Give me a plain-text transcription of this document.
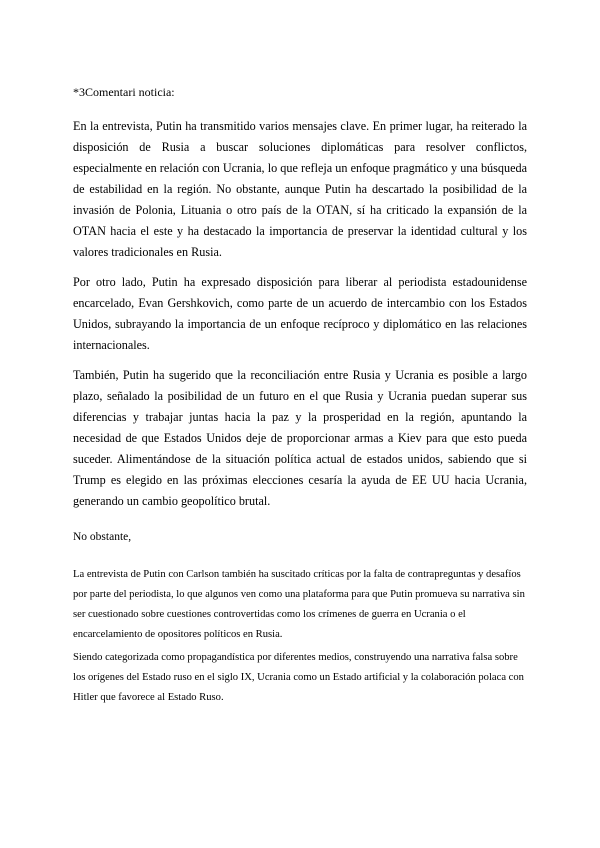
*3Comentari noticia:

En la entrevista, Putin ha transmitido varios mensajes clave. En primer lugar, ha reiterado la disposición de Rusia a buscar soluciones diplomáticas para resolver conflictos, especialmente en relación con Ucrania, lo que refleja un enfoque pragmático y una búsqueda de estabilidad en la región. No obstante, aunque Putin ha descartado la posibilidad de la invasión de Polonia, Lituania o otro país de la OTAN, sí ha criticado la expansión de la OTAN hacia el este y ha destacado la importancia de preservar la identidad cultural y los valores tradicionales en Rusia.

Por otro lado, Putin ha expresado disposición para liberar al periodista estadounidense encarcelado, Evan Gershkovich, como parte de un acuerdo de intercambio con los Estados Unidos, subrayando la importancia de un enfoque recíproco y diplomático en las relaciones internacionales.

También, Putin ha sugerido que la reconciliación entre Rusia y Ucrania es posible a largo plazo, señalado la posibilidad de un futuro en el que Rusia y Ucrania puedan superar sus diferencias y trabajar juntas hacia la paz y la prosperidad en la región, apuntando la necesidad de que Estados Unidos deje de proporcionar armas a Kiev para que esto pueda suceder. Alimentándose de la situación política actual de estados unidos, sabiendo que si Trump es elegido en las próximas elecciones cesaría la ayuda de EE UU hacia Ucrania, generando un cambio geopolítico brutal.

No obstante,

La entrevista de Putin con Carlson también ha suscitado críticas por la falta de contrapreguntas y desafíos por parte del periodista, lo que algunos ven como una plataforma para que Putin promueva su narrativa sin ser cuestionado sobre cuestiones controvertidas como los crímenes de guerra en Ucrania o el encarcelamiento de opositores políticos en Rusia.

Siendo categorizada como propagandística por diferentes medios, construyendo una narrativa falsa sobre los orígenes del Estado ruso en el siglo IX, Ucrania como un Estado artificial y la colaboración polaca con Hitler que favorece al Estado Ruso.
